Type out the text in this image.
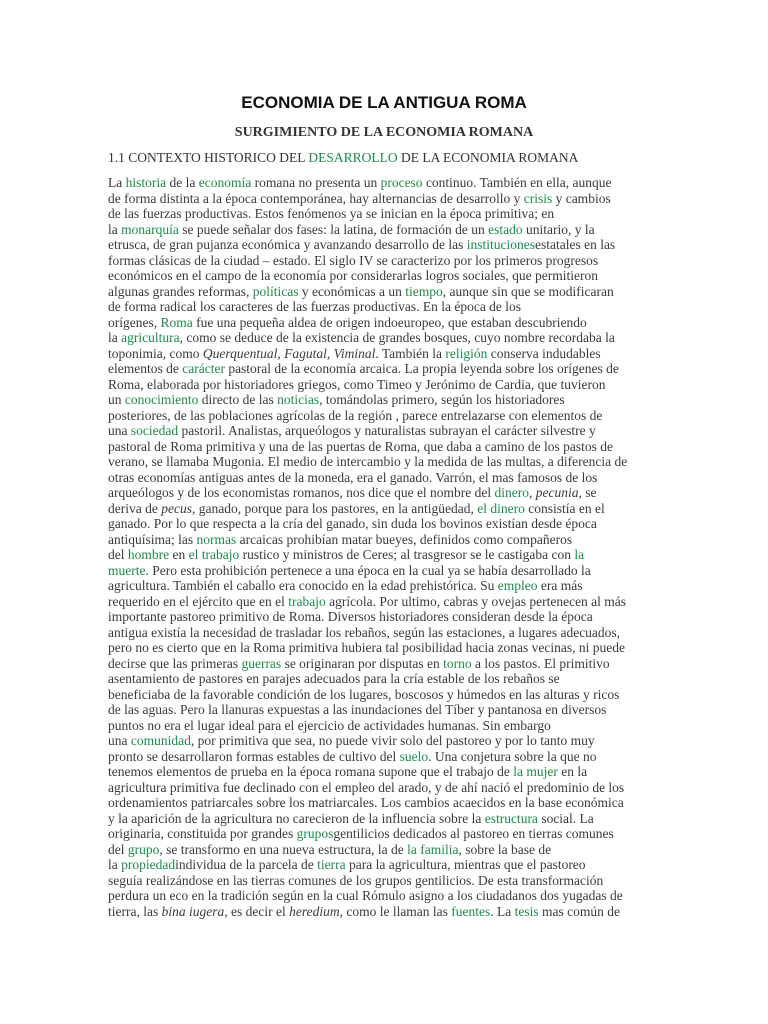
ECONOMIA DE LA ANTIGUA ROMA
SURGIMIENTO DE LA ECONOMIA ROMANA
1.1 CONTEXTO HISTORICO DEL DESARROLLO DE LA ECONOMIA ROMANA
La historia de la economía romana no presenta un proceso continuo. También en ella, aunque
de forma distinta a la época contemporánea, hay alternancias de desarrollo y crisis y cambios
de las fuerzas productivas. Estos fenómenos ya se inician en la época primitiva; en
la monarquía se puede señalar dos fases: la latina, de formación de un estado unitario, y la
etrusca, de gran pujanza económica y avanzando desarrollo de las institucionesestatales en las
formas clásicas de la ciudad – estado. El siglo IV se caracterizo por los primeros progresos
económicos en el campo de la economía por considerarlas logros sociales, que permitieron
algunas grandes reformas, políticas y económicas a un tiempo, aunque sin que se modificaran
de forma radical los caracteres de las fuerzas productivas. En la época de los
orígenes, Roma fue una pequeña aldea de origen indoeuropeo, que estaban descubriendo
la agricultura, como se deduce de la existencia de grandes bosques, cuyo nombre recordaba la
toponimia, como Querquentual, Fagutal, Viminal. También la religión conserva indudables
elementos de carácter pastoral de la economía arcaica. La propia leyenda sobre los orígenes de
Roma, elaborada por historiadores griegos, como Timeo y Jerónimo de Cardia, que tuvieron
un conocimiento directo de las noticias, tomándolas primero, según los historiadores
posteriores, de las poblaciones agrícolas de la región , parece entrelazarse con elementos de
una sociedad pastoril. Analistas, arqueólogos y naturalistas subrayan el carácter silvestre y
pastoral de Roma primitiva y una de las puertas de Roma, que daba a camino de los pastos de
verano, se llamaba Mugonia. El medio de intercambio y la medida de las multas, a diferencia de
otras economías antiguas antes de la moneda, era el ganado. Varrón, el mas famosos de los
arqueólogos y de los economistas romanos, nos dice que el nombre del dinero, pecunia, se
deriva de pecus, ganado, porque para los pastores, en la antigüedad, el dinero consistía en el
ganado. Por lo que respecta a la cría del ganado, sin duda los bovinos existían desde época
antiquísima; las normas arcaicas prohibían matar bueyes, definidos como compañeros
del hombre en el trabajo rustico y ministros de Ceres; al trasgresor se le castigaba con la
muerte. Pero esta prohibición pertenece a una época en la cual ya se había desarrollado la
agricultura. También el caballo era conocido en la edad prehistórica. Su empleo era más
requerido en el ejército que en el trabajo agrícola. Por ultimo, cabras y ovejas pertenecen al más
importante pastoreo primitivo de Roma. Diversos historiadores consideran desde la época
antigua existía la necesidad de trasladar los rebaños, según las estaciones, a lugares adecuados,
pero no es cierto que en la Roma primitiva hubiera tal posibilidad hacia zonas vecinas, ni puede
decirse que las primeras guerras se originaran por disputas en torno a los pastos. El primitivo
asentamiento de pastores en parajes adecuados para la cría estable de los rebaños se
beneficiaba de la favorable condición de los lugares, boscosos y húmedos en las alturas y ricos
de las aguas. Pero la llanuras expuestas a las inundaciones del Tíber y pantanosa en diversos
puntos no era el lugar ideal para el ejercicio de actividades humanas. Sin embargo
una comunidad, por primitiva que sea, no puede vivir solo del pastoreo y por lo tanto muy
pronto se desarrollaron formas estables de cultivo del suelo. Una conjetura sobre la que no
tenemos elementos de prueba en la época romana supone que el trabajo de la mujer en la
agricultura primitiva fue declinado con el empleo del arado, y de ahí nació el predominio de los
ordenamientos patriarcales sobre los matriarcales. Los cambios acaecidos en la base económica
y la aparición de la agricultura no carecieron de la influencia sobre la estructura social. La
originaria, constituida por grandes gruposgentilicios dedicados al pastoreo en tierras comunes
del grupo, se transformo en una nueva estructura, la de la familia, sobre la base de
la propiedadindividua de la parcela de tierra para la agricultura, mientras que el pastoreo
seguía realizándose en las tierras comunes de los grupos gentilicios. De esta transformación
perdura un eco en la tradición según en la cual Rómulo asigno a los ciudadanos dos yugadas de
tierra, las bina iugera, es decir el heredium, como le llaman las fuentes. La tesis mas común de
